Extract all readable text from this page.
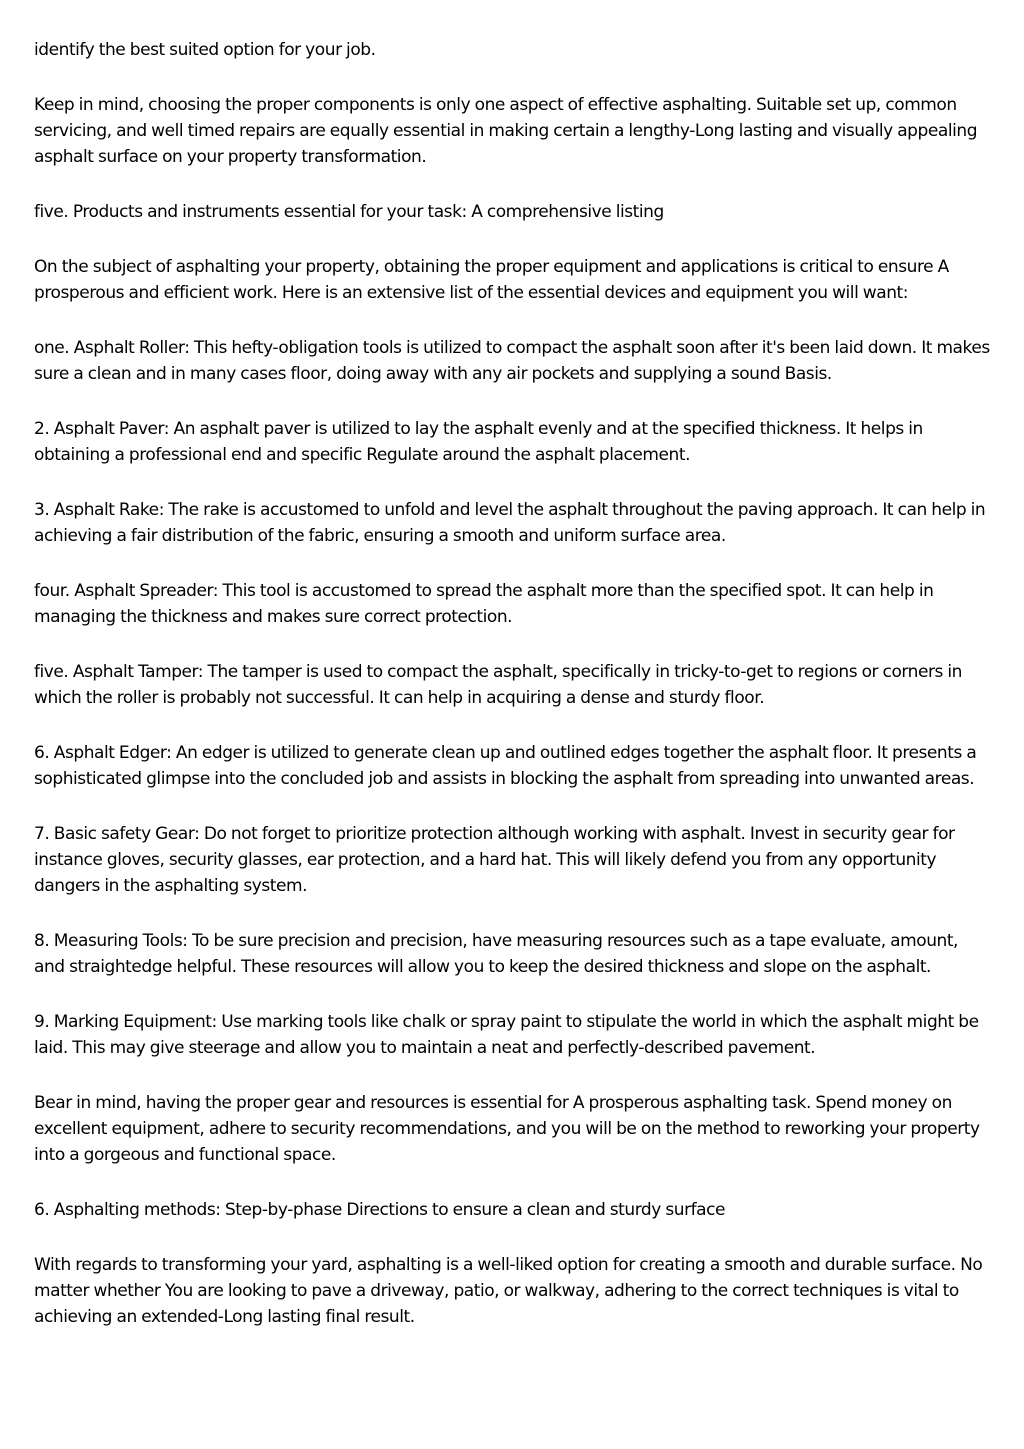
identify the best suited option for your job.

Keep in mind, choosing the proper components is only one aspect of effective asphalting. Suitable set up, common servicing, and well timed repairs are equally essential in making certain a lengthy-Long lasting and visually appealing asphalt surface on your property transformation.

five. Products and instruments essential for your task: A comprehensive listing

On the subject of asphalting your property, obtaining the proper equipment and applications is critical to ensure A prosperous and efficient work. Here is an extensive list of the essential devices and equipment you will want:

one. Asphalt Roller: This hefty-obligation tools is utilized to compact the asphalt soon after it's been laid down. It makes sure a clean and in many cases floor, doing away with any air pockets and supplying a sound Basis.

2. Asphalt Paver: An asphalt paver is utilized to lay the asphalt evenly and at the specified thickness. It helps in obtaining a professional end and specific Regulate around the asphalt placement.

3. Asphalt Rake: The rake is accustomed to unfold and level the asphalt throughout the paving approach. It can help in achieving a fair distribution of the fabric, ensuring a smooth and uniform surface area.

four. Asphalt Spreader: This tool is accustomed to spread the asphalt more than the specified spot. It can help in managing the thickness and makes sure correct protection.

five. Asphalt Tamper: The tamper is used to compact the asphalt, specifically in tricky-to-get to regions or corners in which the roller is probably not successful. It can help in acquiring a dense and sturdy floor.

6. Asphalt Edger: An edger is utilized to generate clean up and outlined edges together the asphalt floor. It presents a sophisticated glimpse into the concluded job and assists in blocking the asphalt from spreading into unwanted areas.

7. Basic safety Gear: Do not forget to prioritize protection although working with asphalt. Invest in security gear for instance gloves, security glasses, ear protection, and a hard hat. This will likely defend you from any opportunity dangers in the asphalting system.

8. Measuring Tools: To be sure precision and precision, have measuring resources such as a tape evaluate, amount, and straightedge helpful. These resources will allow you to keep the desired thickness and slope on the asphalt.

9. Marking Equipment: Use marking tools like chalk or spray paint to stipulate the world in which the asphalt might be laid. This may give steerage and allow you to maintain a neat and perfectly-described pavement.

Bear in mind, having the proper gear and resources is essential for A prosperous asphalting task. Spend money on excellent equipment, adhere to security recommendations, and you will be on the method to reworking your property into a gorgeous and functional space.

6. Asphalting methods: Step-by-phase Directions to ensure a clean and sturdy surface

With regards to transforming your yard, asphalting is a well-liked option for creating a smooth and durable surface. No matter whether You are looking to pave a driveway, patio, or walkway, adhering to the correct techniques is vital to achieving an extended-Long lasting final result.
